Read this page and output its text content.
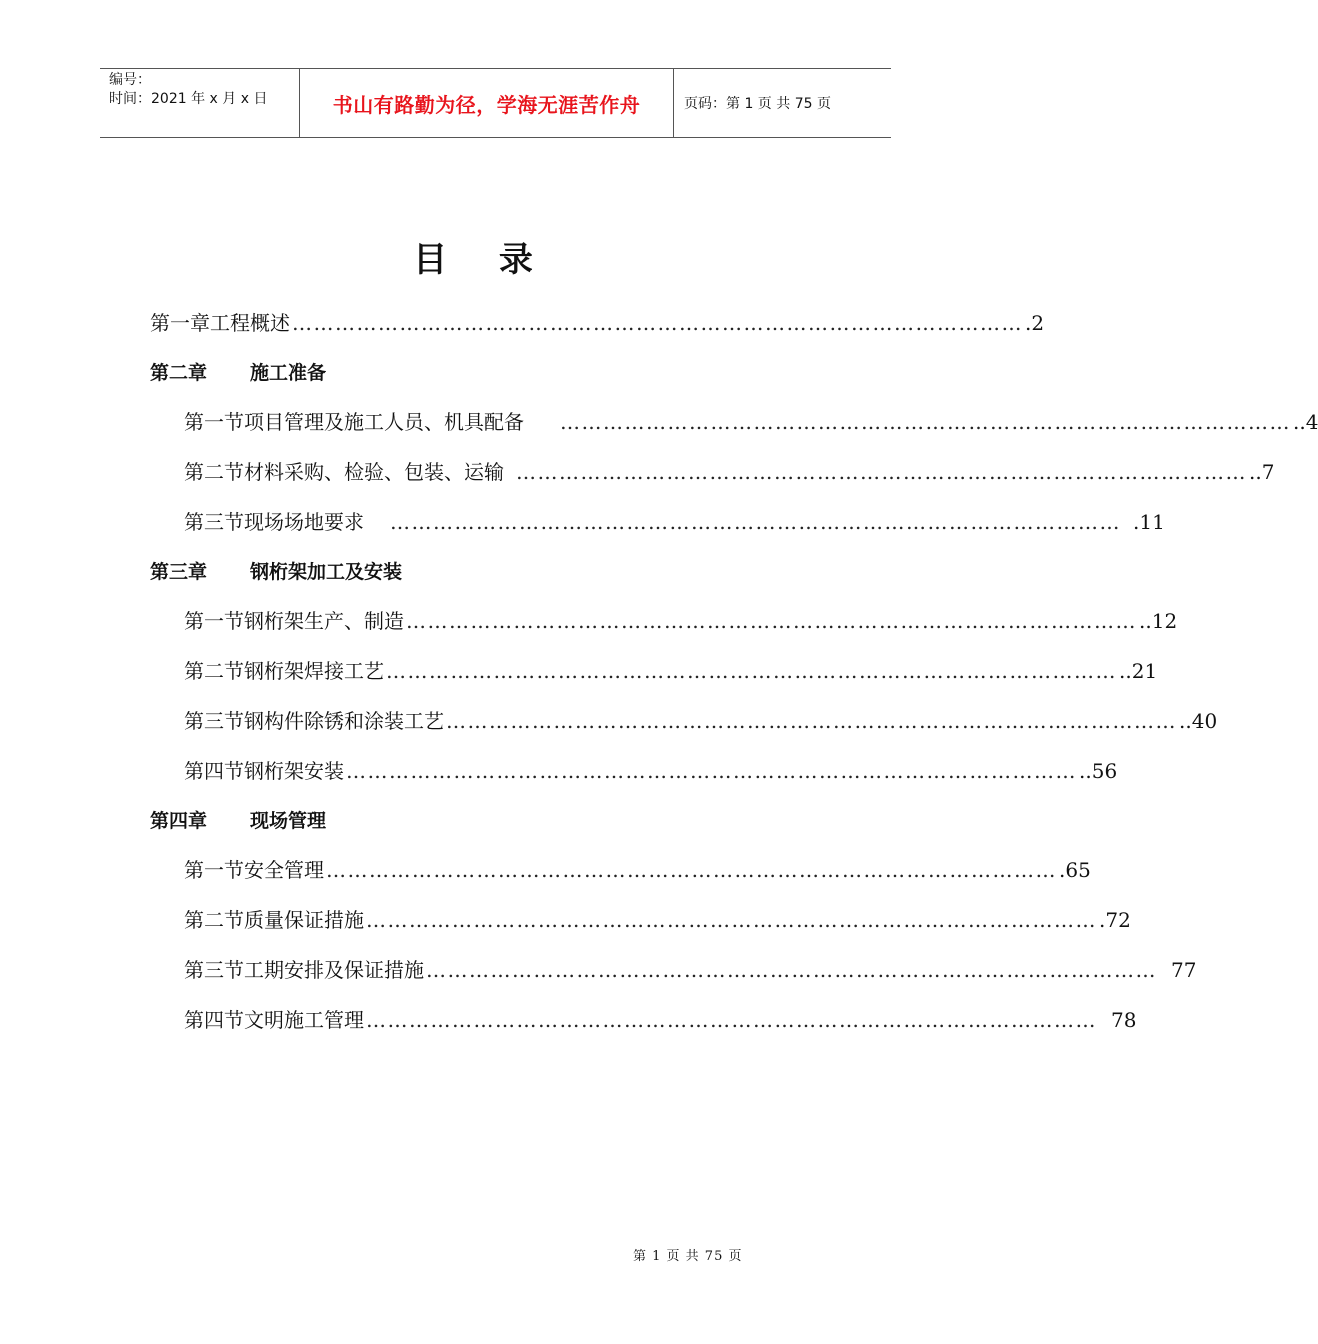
编号：
时间：2021 年 x 月 x 日	书山有路勤为径，学海无涯苦作舟	页码：第 1 页 共 75 页
目 录
第一章 工程概述 ………………………………………………………………………………………… .2
第二章	施工准备
第一节 项目管理及施工人员、机具配备	………………………………………………………………………………………… ..4
第二节 材料采购、检验、包装、运输 ………………………………………………………………………………………… ..7
第三节 现场场地要求	………………………………………………………………………………………… .11
第三章	钢桁架加工及安装
第一节 钢桁架生产、制造 ………………………………………………………………………………………… ..12
第二节 钢桁架焊接工艺 ………………………………………………………………………………………… ..21
第三节 钢构件除锈和涂装工艺 ………………………………………………………………………………………… ..40
第四节 钢桁架安装 ………………………………………………………………………………………… ..56
第四章	现场管理
第一节 安全管理 ………………………………………………………………………………………… .65
第二节 质量保证措施 ………………………………………………………………………………………… .72
第三节 工期安排及保证措施 ………………………………………………………………………………………… 77
第四节 文明施工管理 ………………………………………………………………………………………… 78
第 1 页 共 75 页
